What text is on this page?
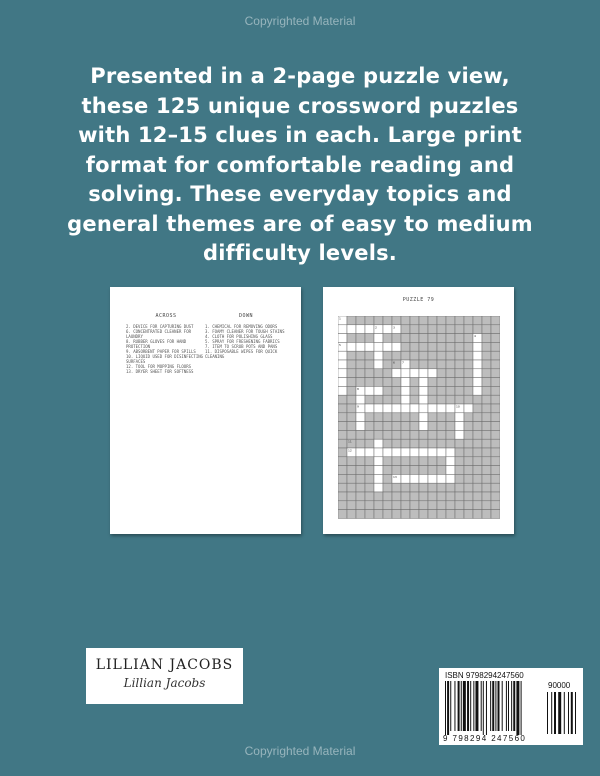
Copyrighted Material
Presented in a 2-page puzzle view, these 125 unique crossword puzzles with 12–15 clues in each. Large print format for comfortable reading and solving. These everyday topics and general themes are of easy to medium difficulty levels.
ACROSS
2. DEVICE FOR CAPTURING DUST
6. CONCENTRATED CLEANER FOR LAUNDRY
8. RUBBER GLOVES FOR HAND PROTECTION
9. ABSORBENT PAPER FOR SPILLS
10. LIQUID USED FOR DISINFECTING SURFACES
12. TOOL FOR MOPPING FLOORS
13. DRYER SHEET FOR SOFTNESS
DOWN
1. CHEMICAL FOR REMOVING ODORS
3. FOAMY CLEANER FOR TOUGH STAINS
4. CLOTH FOR POLISHING GLASS
5. SPRAY FOR FRESHENING FABRICS
7. ITEM TO SCRUB POTS AND PANS
11. DISPOSABLE WIPES FOR QUICK CLEANING
PUZZLE 79
1
2	3
4
5
6 7
8
9	10
11
12
13
LILLIAN JACOBS
Lillian Jacobs
ISBN 9798294247560
90000
9 798294 247560
Copyrighted Material
